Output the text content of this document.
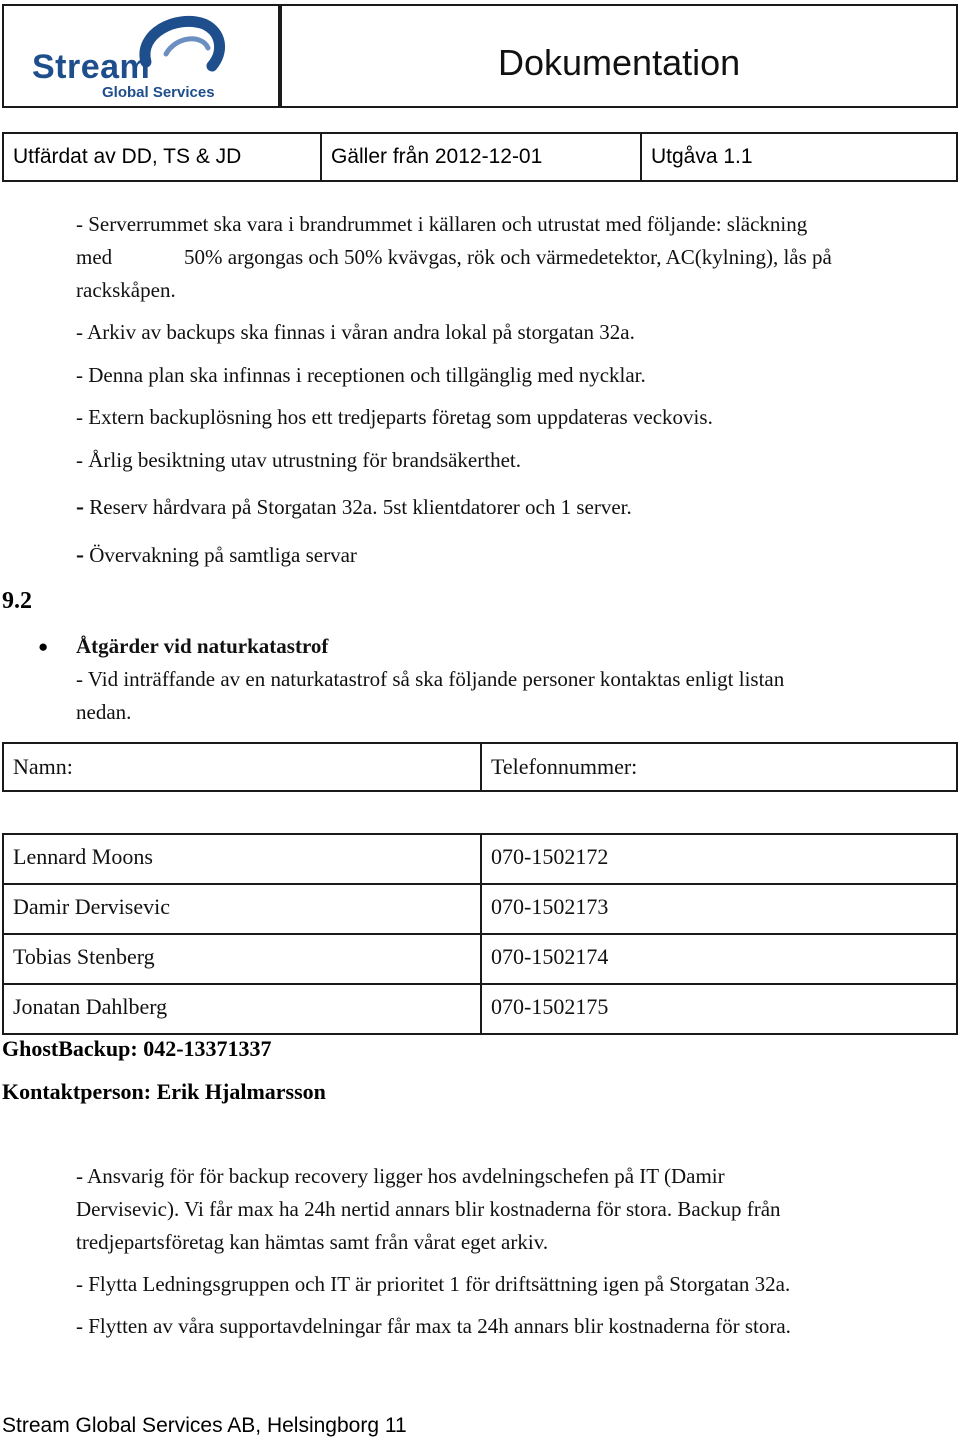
Stream
Global Services
Dokumentation
Utfärdat av DD, TS & JD	Gäller från 2012-12-01	Utgåva 1.1
- Serverrummet ska vara i brandrummet i källaren och utrustat med följande: släckning
med	50% argongas och 50% kvävgas, rök och värmedetektor, AC(kylning), lås på
rackskåpen.
- Arkiv av backups ska finnas i våran andra lokal på storgatan 32a.
- Denna plan ska infinnas i receptionen och tillgänglig med nycklar.
- Extern backuplösning hos ett tredjeparts företag som uppdateras veckovis.
- Årlig besiktning utav utrustning för brandsäkerthet.
- Reserv hårdvara på Storgatan 32a. 5st klientdatorer och 1 server.
- Övervakning på samtliga servar
9.2
● Åtgärder vid naturkatastrof
- Vid inträffande av en naturkatastrof så ska följande personer kontaktas enligt listan
nedan.
Namn:	Telefonnummer:
Lennard Moons	070-1502172
Damir Dervisevic	070-1502173
Tobias Stenberg	070-1502174
Jonatan Dahlberg	070-1502175
GhostBackup: 042-13371337
Kontaktperson: Erik Hjalmarsson
- Ansvarig för för backup recovery ligger hos avdelningschefen på IT (Damir
Dervisevic). Vi får max ha 24h nertid annars blir kostnaderna för stora. Backup från
tredjepartsföretag kan hämtas samt från vårat eget arkiv.
- Flytta Ledningsgruppen och IT är prioritet 1 för driftsättning igen på Storgatan 32a.
- Flytten av våra supportavdelningar får max ta 24h annars blir kostnaderna för stora.
Stream Global Services AB, Helsingborg 11
